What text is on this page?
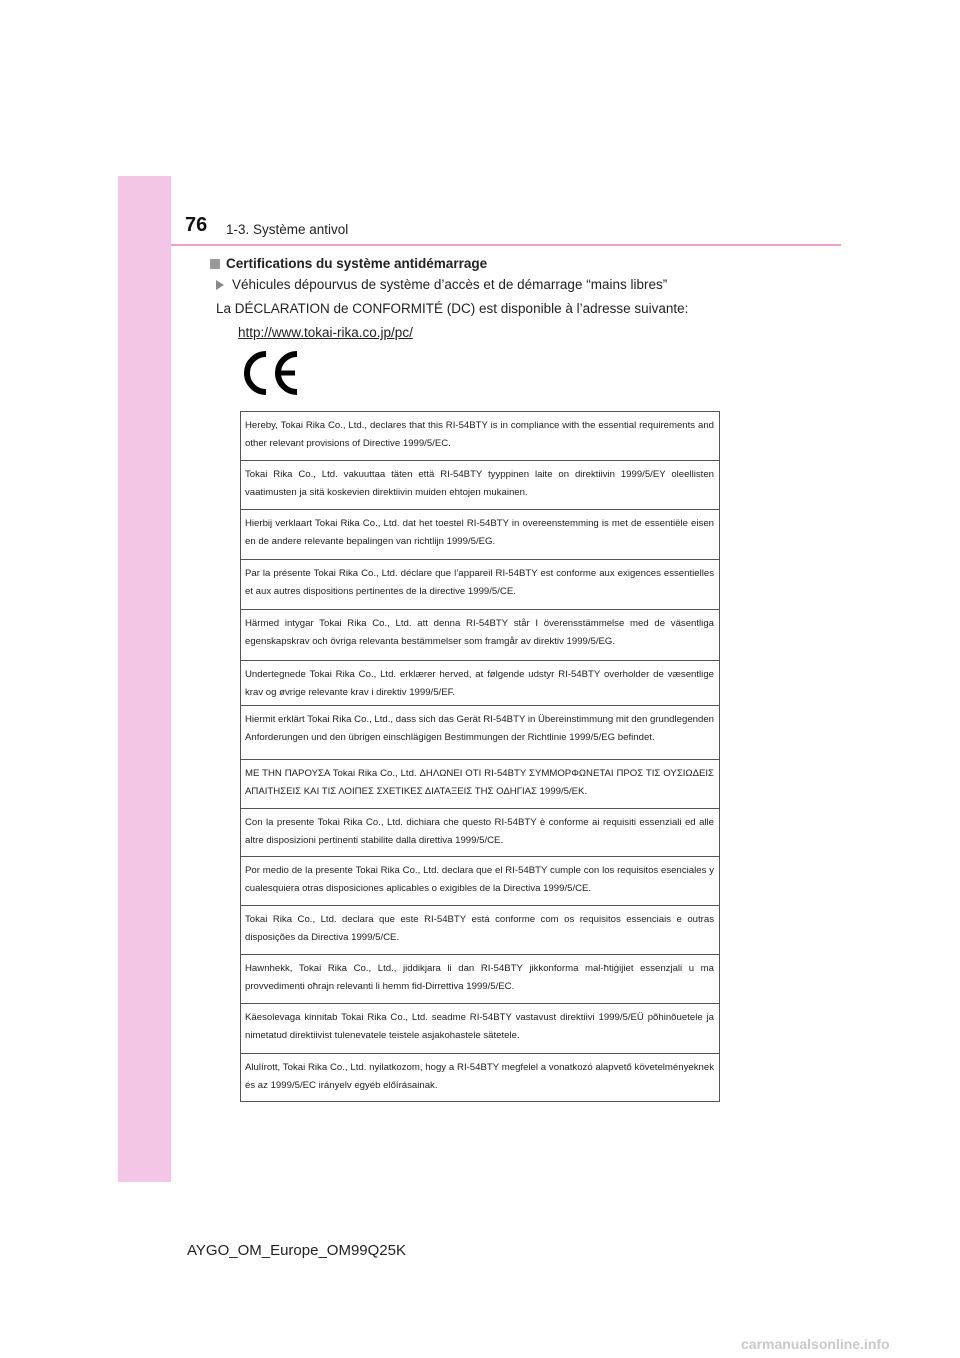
76 1-3. Système antivol
Certifications du système antidémarrage
Véhicules dépourvus de système d’accès et de démarrage “mains libres”
La DÉCLARATION de CONFORMITÉ (DC) est disponible à l’adresse suivante:
http://www.tokai-rika.co.jp/pc/
Hereby, Tokai Rika Co., Ltd., declares that this RI-54BTY is in compliance with the essential requirements and other relevant provisions of Directive 1999/5/EC.
Tokai Rika Co., Ltd. vakuuttaa täten että RI-54BTY tyyppinen laite on direktiivin 1999/5/EY oleellisten vaatimusten ja sitä koskevien direktiivin muiden ehtojen mukainen.
Hierbij verklaart Tokai Rika Co., Ltd. dat het toestel RI-54BTY in overeenstemming is met de essentiële eisen en de andere relevante bepalingen van richtlijn 1999/5/EG.
Par la présente Tokai Rika Co., Ltd. déclare que l’appareil RI-54BTY est conforme aux exigences essentielles et aux autres dispositions pertinentes de la directive 1999/5/CE.
Härmed intygar Tokai Rika Co., Ltd. att denna RI-54BTY står I överensstämmelse med de väsentliga egenskapskrav och övriga relevanta bestämmelser som framgår av direktiv 1999/5/EG.
Undertegnede Tokai Rika Co., Ltd. erklærer herved, at følgende udstyr RI-54BTY overholder de væsentlige krav og øvrige relevante krav i direktiv 1999/5/EF.
Hiermit erklärt Tokai Rika Co., Ltd., dass sich das Gerät RI-54BTY in Übereinstimmung mit den grundlegenden Anforderungen und den übrigen einschlägigen Bestimmungen der Richtlinie 1999/5/EG befindet.
ΜΕ ΤΗΝ ΠΑΡΟΥΣΑ Tokai Rika Co., Ltd. ΔΗΛΩΝΕΙ ΟΤΙ RI-54BTY ΣΥΜΜΟΡΦΩΝΕΤΑΙ ΠΡΟΣ ΤΙΣ ΟΥΣΙΩΔΕΙΣ ΑΠΑΙΤΗΣΕΙΣ ΚΑΙ ΤΙΣ ΛΟΙΠΕΣ ΣΧΕΤΙΚΕΣ ΔΙΑΤΑΞΕΙΣ ΤΗΣ ΟΔΗΓΙΑΣ 1999/5/ΕΚ.
Con la presente Tokai Rika Co., Ltd. dichiara che questo RI-54BTY è conforme ai requisiti essenziali ed alle altre disposizioni pertinenti stabilite dalla direttiva 1999/5/CE.
Por medio de la presente Tokai Rika Co., Ltd. declara que el RI-54BTY cumple con los requisitos esenciales y cualesquiera otras disposiciones aplicables o exigibles de la Directiva 1999/5/CE.
Tokai Rika Co., Ltd. declara que este RI-54BTY está conforme com os requisitos essenciais e outras disposições da Directiva 1999/5/CE.
Hawnhekk, Tokai Rika Co., Ltd., jiddikjara li dan RI-54BTY jikkonforma mal-ħtiġijiet essenzjali u ma provvedimenti oħrajn relevanti li hemm fid-Dirrettiva 1999/5/EC.
Käesolevaga kinnitab Tokai Rika Co., Ltd. seadme RI-54BTY vastavust direktiivi 1999/5/EÜ põhinõuetele ja nimetatud direktiivist tulenevatele teistele asjakohastele sätetele.
Alulírott, Tokai Rika Co., Ltd. nyilatkozom, hogy a RI-54BTY megfelel a vonatkozó alapvető követelményeknek és az 1999/5/EC irányelv egyéb előírásainak.
AYGO_OM_Europe_OM99Q25K
carmanualsonline.info
